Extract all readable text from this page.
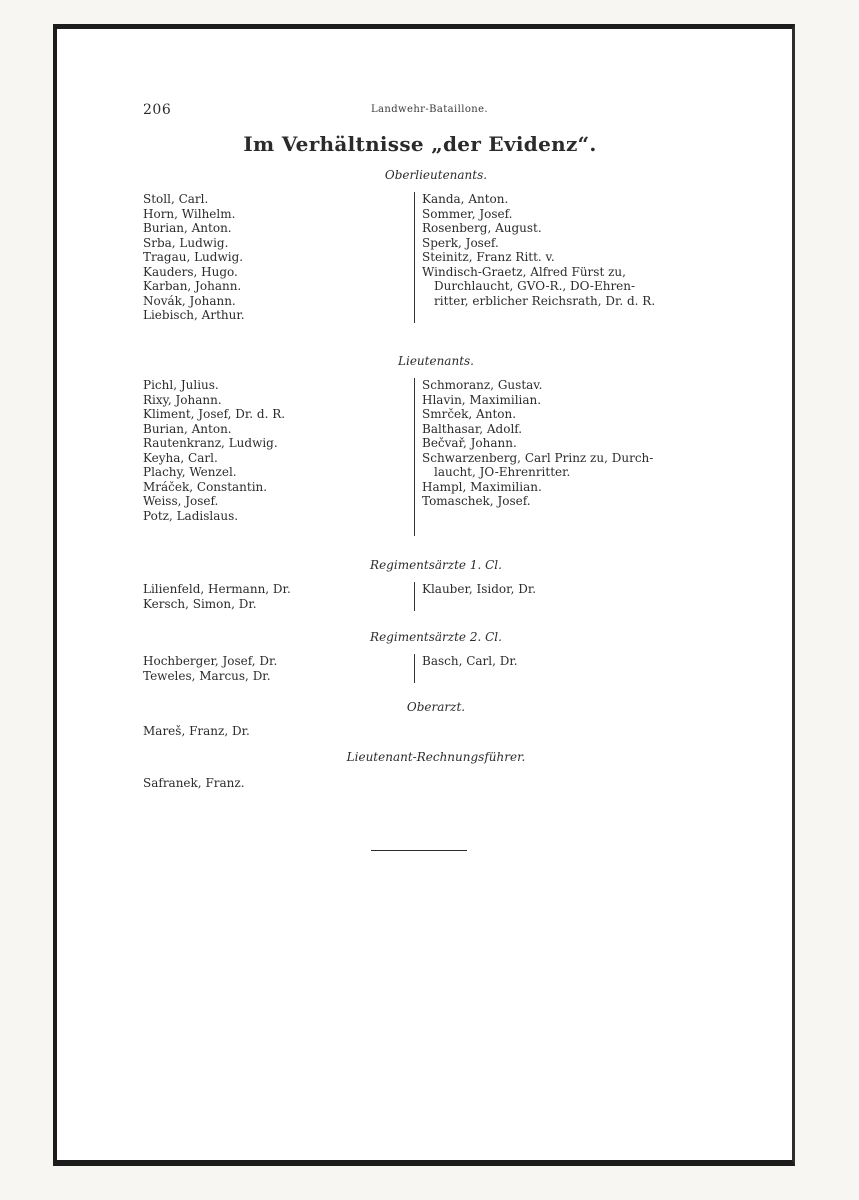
206	Landwehr-Bataillone.
Im Verhältnisse „der Evidenz“.
Oberlieutenants.
Stoll, Carl.
Horn, Wilhelm.
Burian, Anton.
Srba, Ludwig.
Tragau, Ludwig.
Kauders, Hugo.
Karban, Johann.
Novák, Johann.
Liebisch, Arthur.
Kanda, Anton.
Sommer, Josef.
Rosenberg, August.
Sperk, Josef.
Steinitz, Franz Ritt. v.
Windisch-Graetz, Alfred Fürst zu,
Durchlaucht, GVO-R., DO-Ehren-
ritter, erblicher Reichsrath, Dr. d. R.
Lieutenants.
Pichl, Julius.
Rixy, Johann.
Kliment, Josef, Dr. d. R.
Burian, Anton.
Rautenkranz, Ludwig.
Keyha, Carl.
Plachy, Wenzel.
Mráček, Constantin.
Weiss, Josef.
Potz, Ladislaus.
Schmoranz, Gustav.
Hlavin, Maximilian.
Smrček, Anton.
Balthasar, Adolf.
Bečvař, Johann.
Schwarzenberg, Carl Prinz zu, Durch-
laucht, JO-Ehrenritter.
Hampl, Maximilian.
Tomaschek, Josef.
Regimentsärzte 1. Cl.
Lilienfeld, Hermann, Dr.
Kersch, Simon, Dr.
Klauber, Isidor, Dr.
Regimentsärzte 2. Cl.
Hochberger, Josef, Dr.
Teweles, Marcus, Dr.
Basch, Carl, Dr.
Oberarzt.
Mareš, Franz, Dr.
Lieutenant-Rechnungsführer.
Safranek, Franz.
